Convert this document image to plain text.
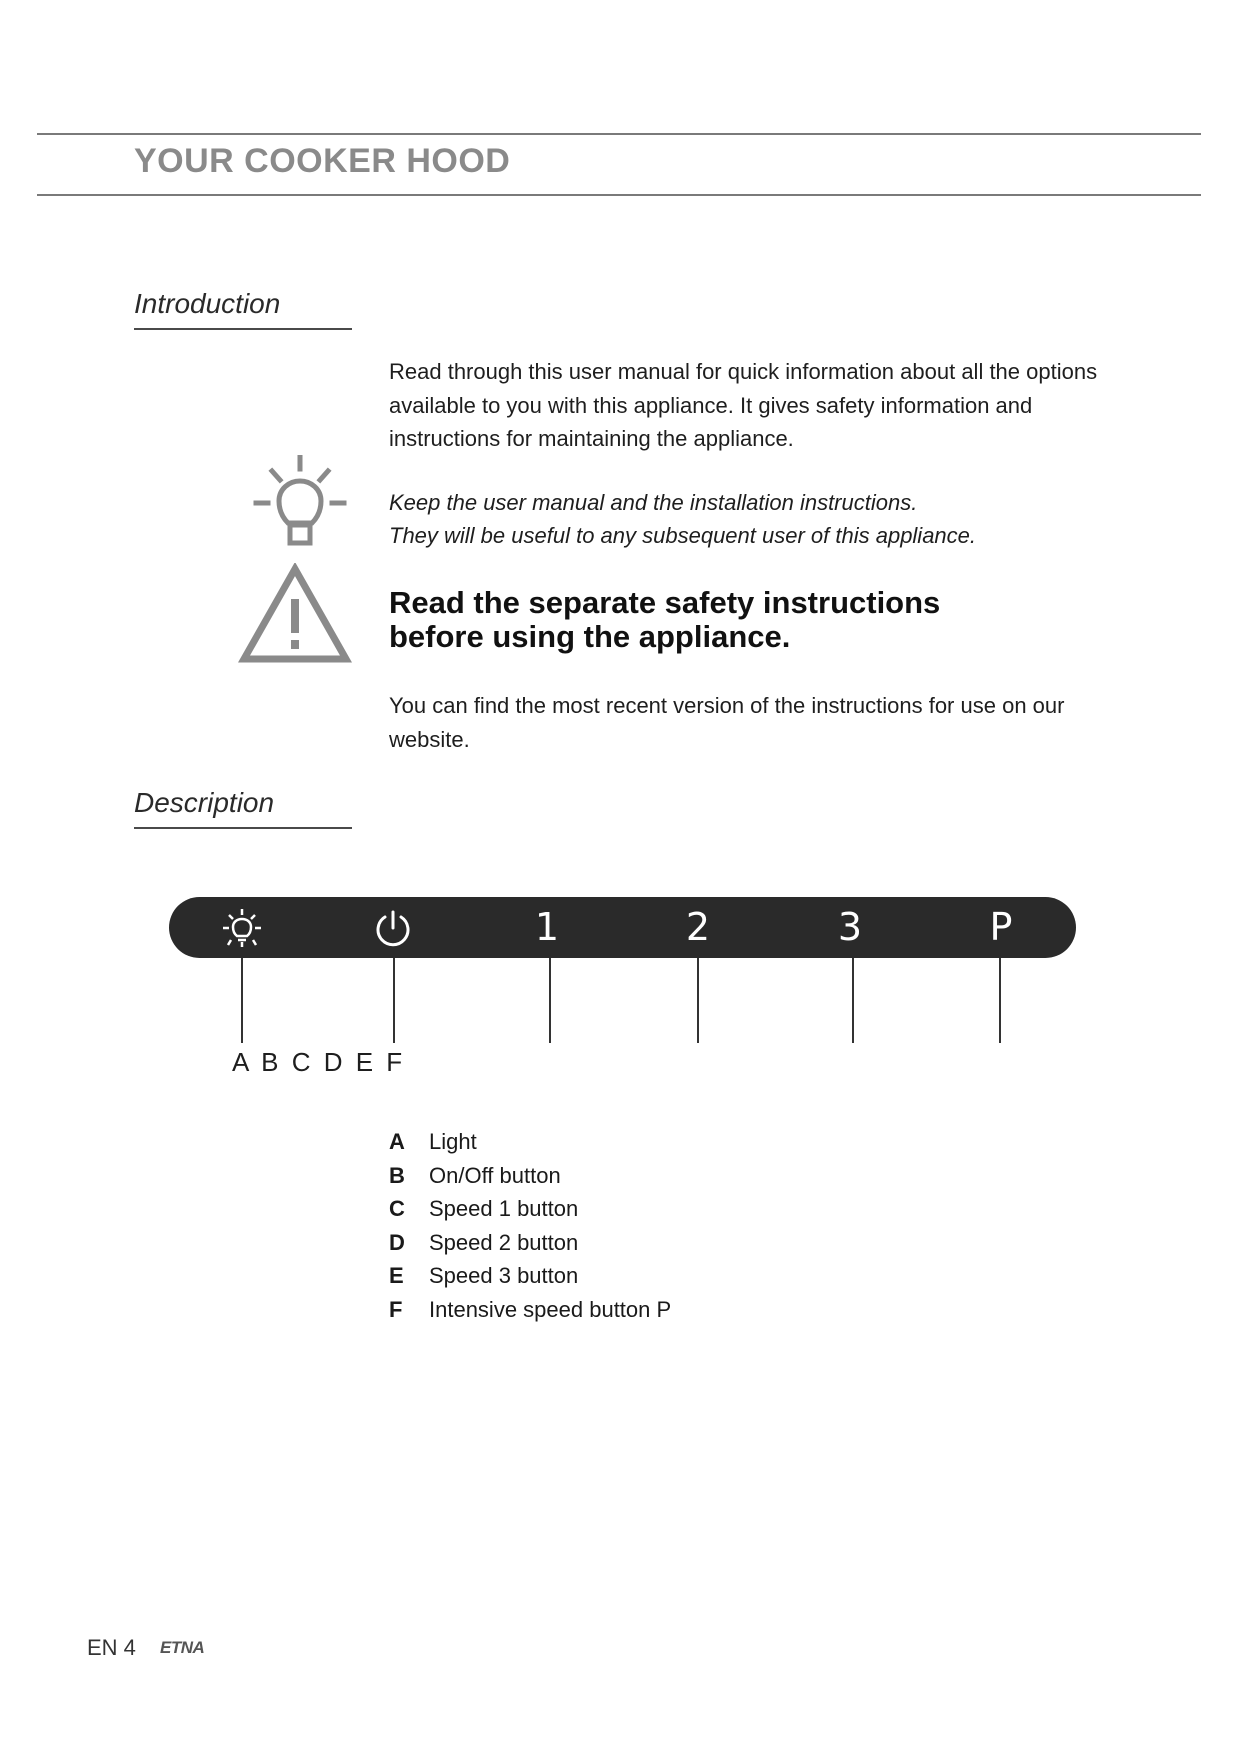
YOUR COOKER HOOD
Introduction
Read through this user manual for quick information about all the options available to you with this appliance. It gives safety information and instructions for maintaining the appliance.
Keep the user manual and the installation instructions.
They will be useful to any subsequent user of this appliance.
Read the separate safety instructions
before using the appliance.
You can find the most recent version of the instructions for use on our website.
Description
1	2	3	P
A B C D E F
A Light
B On/Off button
C Speed 1 button
D Speed 2 button
E Speed 3 button
F Intensive speed button P
EN 4 ETNA
